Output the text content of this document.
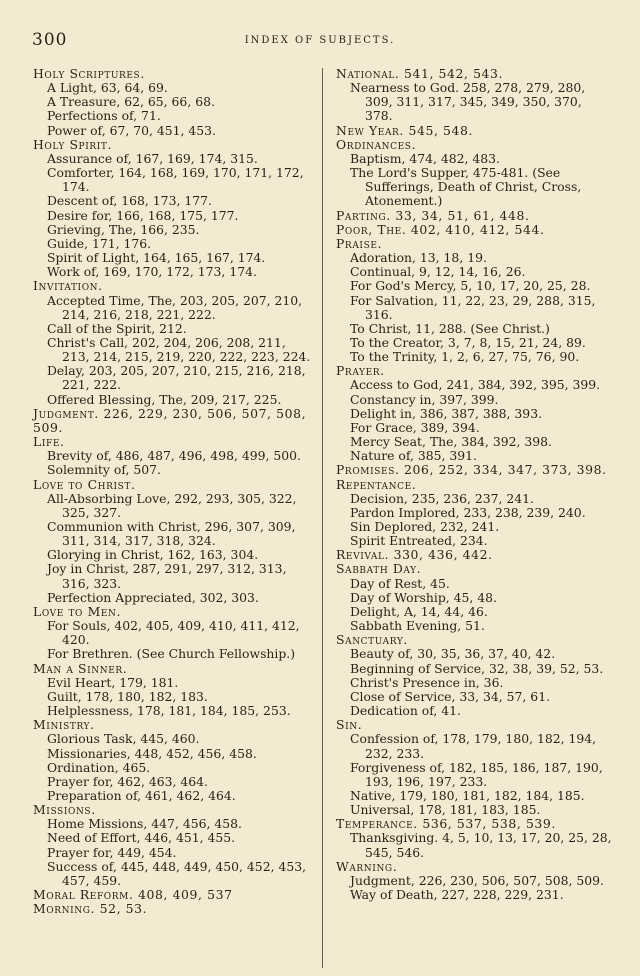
300	INDEX OF SUBJECTS.
Holy Scriptures.
A Light, 63, 64, 69.
A Treasure, 62, 65, 66, 68.
Perfections of, 71.
Power of, 67, 70, 451, 453.
Holy Spirit.
Assurance of, 167, 169, 174, 315.
Comforter, 164, 168, 169, 170, 171, 172, 174.
Descent of, 168, 173, 177.
Desire for, 166, 168, 175, 177.
Grieving, The, 166, 235.
Guide, 171, 176.
Spirit of Light, 164, 165, 167, 174.
Work of, 169, 170, 172, 173, 174.
Invitation.
Accepted Time, The, 203, 205, 207, 210, 214, 216, 218, 221, 222.
Call of the Spirit, 212.
Christ's Call, 202, 204, 206, 208, 211, 213, 214, 215, 219, 220, 222, 223, 224.
Delay, 203, 205, 207, 210, 215, 216, 218, 221, 222.
Offered Blessing, The, 209, 217, 225.
Judgment. 226, 229, 230, 506, 507, 508, 509.
Life.
Brevity of, 486, 487, 496, 498, 499, 500.
Solemnity of, 507.
Love to Christ.
All-Absorbing Love, 292, 293, 305, 322, 325, 327.
Communion with Christ, 296, 307, 309, 311, 314, 317, 318, 324.
Glorying in Christ, 162, 163, 304.
Joy in Christ, 287, 291, 297, 312, 313, 316, 323.
Perfection Appreciated, 302, 303.
Love to Men.
For Souls, 402, 405, 409, 410, 411, 412, 420.
For Brethren. (See Church Fellowship.)
Man a Sinner.
Evil Heart, 179, 181.
Guilt, 178, 180, 182, 183.
Helplessness, 178, 181, 184, 185, 253.
Ministry.
Glorious Task, 445, 460.
Missionaries, 448, 452, 456, 458.
Ordination, 465.
Prayer for, 462, 463, 464.
Preparation of, 461, 462, 464.
Missions.
Home Missions, 447, 456, 458.
Need of Effort, 446, 451, 455.
Prayer for, 449, 454.
Success of, 445, 448, 449, 450, 452, 453, 457, 459.
Moral Reform. 408, 409, 537
Morning. 52, 53.
National. 541, 542, 543.
Nearness to God. 258, 278, 279, 280, 309, 311, 317, 345, 349, 350, 370, 378.
New Year. 545, 548.
Ordinances.
Baptism, 474, 482, 483.
The Lord's Supper, 475-481. (See Sufferings, Death of Christ, Cross, Atonement.)
Parting. 33, 34, 51, 61, 448.
Poor, The. 402, 410, 412, 544.
Praise.
Adoration, 13, 18, 19.
Continual, 9, 12, 14, 16, 26.
For God's Mercy, 5, 10, 17, 20, 25, 28.
For Salvation, 11, 22, 23, 29, 288, 315, 316.
To Christ, 11, 288. (See Christ.)
To the Creator, 3, 7, 8, 15, 21, 24, 89.
To the Trinity, 1, 2, 6, 27, 75, 76, 90.
Prayer.
Access to God, 241, 384, 392, 395, 399.
Constancy in, 397, 399.
Delight in, 386, 387, 388, 393.
For Grace, 389, 394.
Mercy Seat, The, 384, 392, 398.
Nature of, 385, 391.
Promises. 206, 252, 334, 347, 373, 398.
Repentance.
Decision, 235, 236, 237, 241.
Pardon Implored, 233, 238, 239, 240.
Sin Deplored, 232, 241.
Spirit Entreated, 234.
Revival. 330, 436, 442.
Sabbath Day.
Day of Rest, 45.
Day of Worship, 45, 48.
Delight, A, 14, 44, 46.
Sabbath Evening, 51.
Sanctuary.
Beauty of, 30, 35, 36, 37, 40, 42.
Beginning of Service, 32, 38, 39, 52, 53.
Christ's Presence in, 36.
Close of Service, 33, 34, 57, 61.
Dedication of, 41.
Sin.
Confession of, 178, 179, 180, 182, 194, 232, 233.
Forgiveness of, 182, 185, 186, 187, 190, 193, 196, 197, 233.
Native, 179, 180, 181, 182, 184, 185.
Universal, 178, 181, 183, 185.
Temperance. 536, 537, 538, 539.
Thanksgiving. 4, 5, 10, 13, 17, 20, 25, 28, 545, 546.
Warning.
Judgment, 226, 230, 506, 507, 508, 509.
Way of Death, 227, 228, 229, 231.
